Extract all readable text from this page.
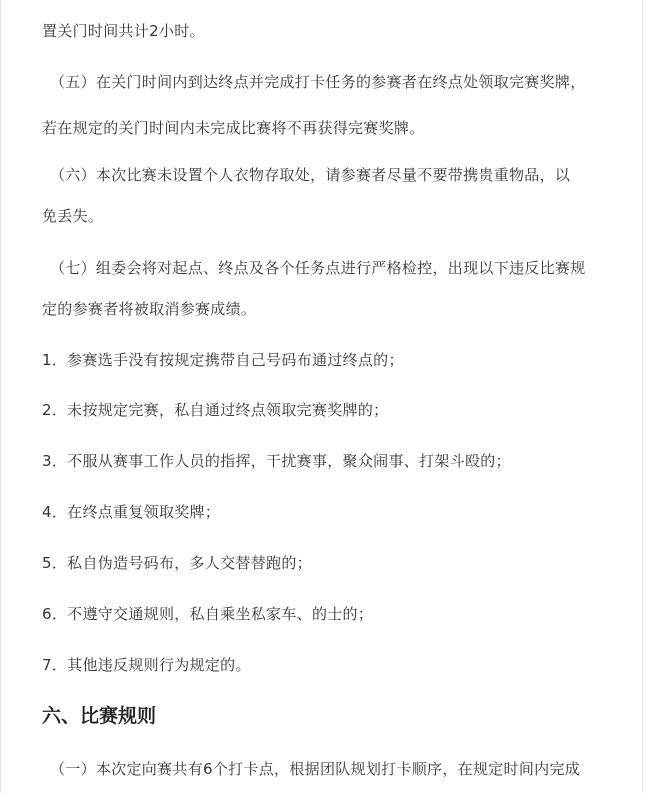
置关门时间共计2小时。
（五）在关门时间内到达终点并完成打卡任务的参赛者在终点处领取完赛奖牌，
若在规定的关门时间内未完成比赛将不再获得完赛奖牌。
（六）本次比赛未设置个人衣物存取处，请参赛者尽量不要带携贵重物品，以
免丢失。
（七）组委会将对起点、终点及各个任务点进行严格检控，出现以下违反比赛规
定的参赛者将被取消参赛成绩。
1．参赛选手没有按规定携带自己号码布通过终点的；
2．未按规定完赛，私自通过终点领取完赛奖牌的；
3．不服从赛事工作人员的指挥，干扰赛事，聚众闹事、打架斗殴的；
4．在终点重复领取奖牌；
5．私自伪造号码布，多人交替替跑的；
6．不遵守交通规则，私自乘坐私家车、的士的；
7．其他违反规则行为规定的。
六、比赛规则
（一）本次定向赛共有6个打卡点，根据团队规划打卡顺序，在规定时间内完成
